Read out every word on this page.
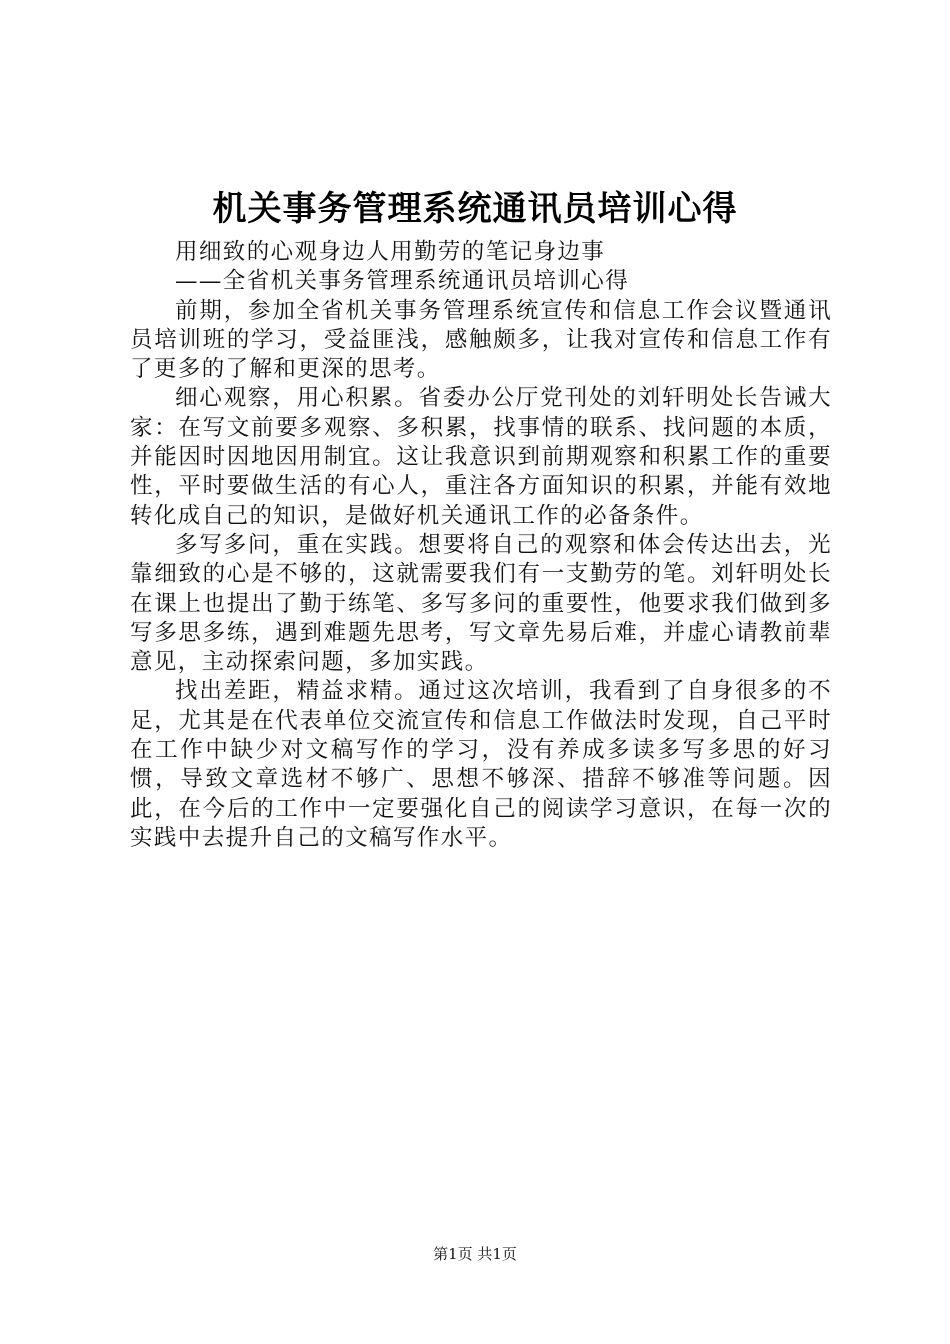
机关事务管理系统通讯员培训心得

用细致的心观身边人用勤劳的笔记身边事

——全省机关事务管理系统通讯员培训心得

前期，参加全省机关事务管理系统宣传和信息工作会议暨通讯员培训班的学习，受益匪浅，感触颇多，让我对宣传和信息工作有了更多的了解和更深的思考。

细心观察，用心积累。省委办公厅党刊处的刘轩明处长告诫大家：在写文前要多观察、多积累，找事情的联系、找问题的本质，并能因时因地因用制宜。这让我意识到前期观察和积累工作的重要性，平时要做生活的有心人，重注各方面知识的积累，并能有效地转化成自己的知识，是做好机关通讯工作的必备条件。

多写多问，重在实践。想要将自己的观察和体会传达出去，光靠细致的心是不够的，这就需要我们有一支勤劳的笔。刘轩明处长在课上也提出了勤于练笔、多写多问的重要性，他要求我们做到多写多思多练，遇到难题先思考，写文章先易后难，并虚心请教前辈意见，主动探索问题，多加实践。

找出差距，精益求精。通过这次培训，我看到了自身很多的不足，尤其是在代表单位交流宣传和信息工作做法时发现，自己平时在工作中缺少对文稿写作的学习，没有养成多读多写多思的好习惯，导致文章选材不够广、思想不够深、措辞不够准等问题。因此，在今后的工作中一定要强化自己的阅读学习意识，在每一次的实践中去提升自己的文稿写作水平。

第1页 共1页
